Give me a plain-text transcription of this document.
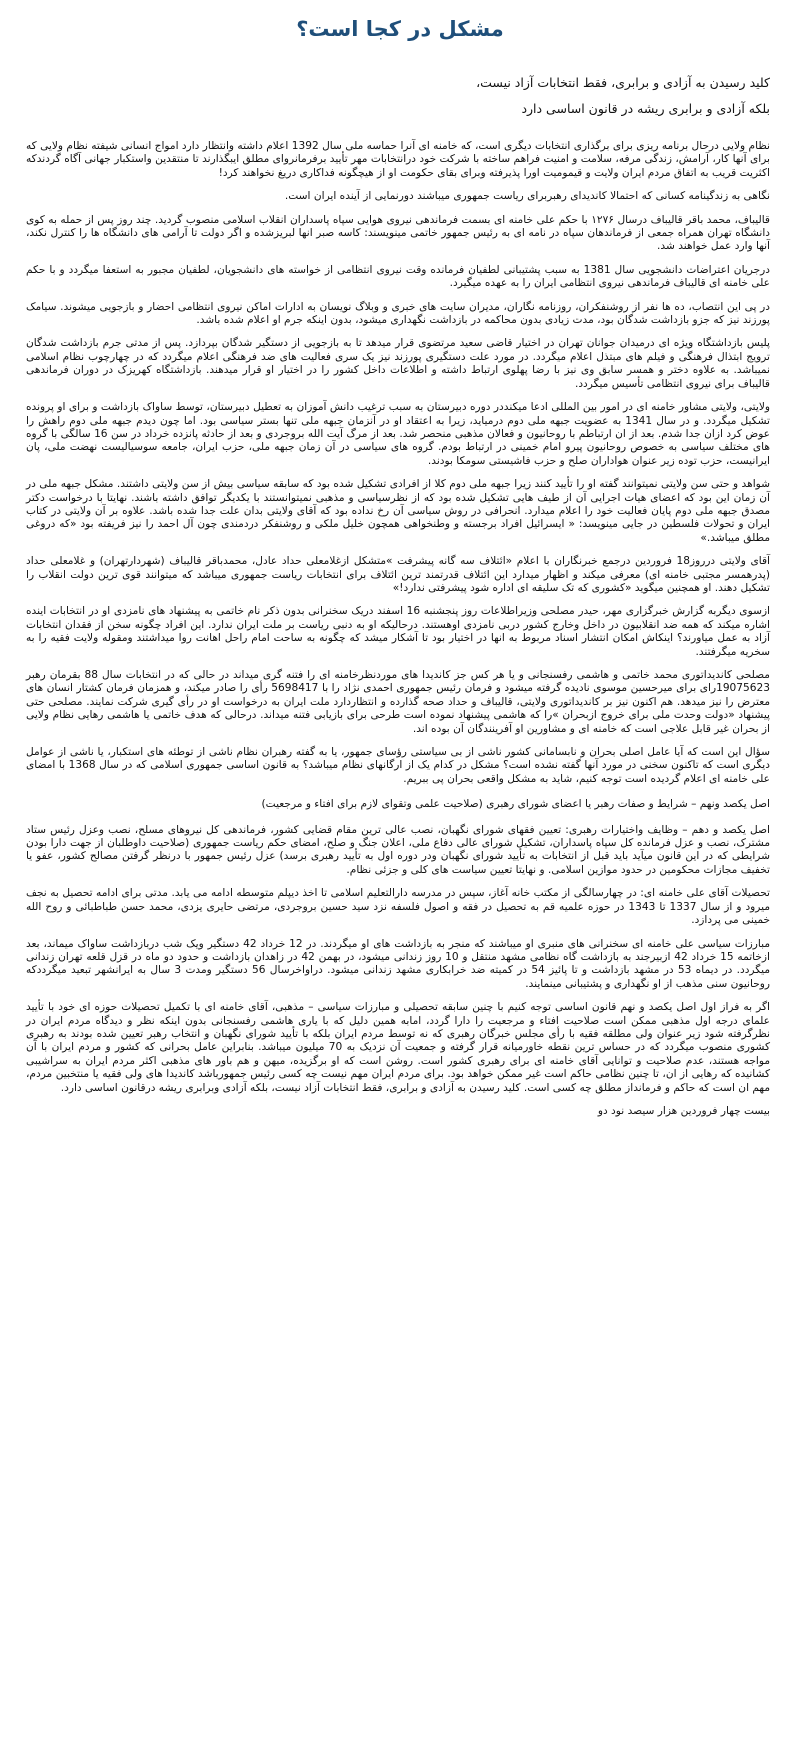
مشکل در کجا است؟

کلید رسیدن به آزادی و برابری، فقط انتخابات آزاد نیست،

بلکه آزادی و برابری ریشه در قانون اساسی دارد

نظام ولایی درحال برنامه ریزی برای برگذاری انتخابات دیگری است، که خامنه ای آنرا حماسه ملی سال 1392 اعلام داشته وانتظار دارد امواج انسانی شیفته نظام ولایی که برای آنها کار، آرامش، زندگی مرفه، سلامت و امنیت فراهم ساخته با شرکت خود درانتخابات مهر تأیید برفرمانروای مطلق ایبگذارند تا منتقدین واستکبار جهانی آگاه گردندکه اکثریت قریب به اتفاق مردم ایران ولایت و قیمومیت اورا پذیرفته وبرای بقای حکومت او از هیچگونه فداکاری دریغ نخواهند کرد!

نگاهی به زندگینامه کسانی که احتمالا کاندیدای رهبربرای ریاست جمهوری میباشند دورنمایی از آینده ایران است.

قالیباف، محمد باقر قالیباف درسال ۱۲۷۶ با حکم علی خامنه ای بسمت فرماندهی نیروی هوایی سپاه پاسداران انقلاب اسلامی منصوب گردید. چند روز پس از حمله به کوی دانشگاه تهران همراه جمعی از فرماندهان سپاه در نامه ای به رئیس جمهور خاتمی مینویسند: کاسه صبر انها لبریزشده و اگر دولت تا آرامی های دانشگاه ها را کنترل نکند، آنها وارد عمل خواهند شد.

درجریان اعتراضات دانشجویی سال 1381 به سبب پشتیبانی لطفیان فرمانده وقت نیروی انتظامی از خواسته های دانشجویان، لطفیان مجبور به استعفا میگردد و با حکم علی خامنه ای قالیباف فرماندهی نیروی انتظامی ایران را به عهده میگیرد.

در پی این انتصاب، ده ها نفر از روشنفکران، روزنامه نگاران، مدیران سایت های خبری و وبلاگ نویسان به ادارات اماکن نیروی انتظامی احضار و بازجویی میشوند. سیامک پورزند نیز که جزو بازداشت شدگان بود، مدت زیادی بدون محاکمه در بازداشت نگهداری میشود، بدون اینکه جرم او اعلام شده باشد.

پلیس بازداشتگاه ویژه ای درمیدان جوانان تهران در اختیار قاضی سعید مرتضوی قرار میدهد تا به بازجویی از دستگیر شدگان بپردازد. پس از مدتی جرم بازداشت شدگان ترویج ابتذال فرهنگی و فیلم های مبتذل اعلام میگردد. در مورد علت دستگیری پورزند نیز یک سری فعالیت های ضد فرهنگی اعلام میگردد که در چهارچوب نظام اسلامی نمیباشد. به علاوه دختر و همسر سابق وی نیز با رضا پهلوی ارتباط داشته و اطلاعات داخل کشور را در اختیار او قرار میدهند. بازداشتگاه کهریزک در دوران فرماندهی قالیباف برای نیروی انتظامی تأسیس میگردد.

ولایتی، ولایتی مشاور خامنه ای در امور بین المللی ادعا میکنددر دوره دبیرستان به سبب ترغیب دانش آموزان به تعطیل دبیرستان، توسط ساواک بازداشت و برای او پرونده تشکیل میگردد. و در سال 1341 به عضویت جبهه ملی دوم درمیاید، زیرا به اعتقاد او در آنزمان جبهه ملی تنها بستر سیاسی بود. اما چون دیدم جبهه ملی دوم راهش را عوض کرد ازان جدا شدم. بعد از ان ارتباطم با روحانیون و فعالان مذهبی منحصر شد. بعد از مرگ آیت الله بروجردی و بعد از حادثه پانزده خرداد در سن 16 سالگی با گروه های مختلف سیاسی به خصوص روحانیون پیرو امام خمینی در ارتباط بودم. گروه های سیاسی در آن زمان جبهه ملی، حزب ایران، جامعه سوسیالیست نهضت ملی، پان ایرانیست، حزب توده زیر عنوان هواداران صلح و حزب فاشیستی سومکا بودند.

شواهد و حتی سن ولایتی نمیتوانند گفته او را تأیید کنند زیرا جبهه ملی دوم کلا از افرادی تشکیل شده بود که سابقه سیاسی بیش از سن ولایتی داشتند. مشکل جبهه ملی در آن زمان این بود که اعضای هیات اجرایی آن از طیف هایی تشکیل شده بود که از نظرسیاسی و مذهبی نمیتوانستند با یکدیگر توافق داشته باشند. نهایتا با درخواست دکتر مصدق جبهه ملی دوم پایان فعالیت خود را اعلام میدارد. انحرافی در روش سیاسی آن رخ نداده بود که آقای ولایتی بدان علت جدا شده باشد. علاوه بر آن ولایتی در کتاب ایران و تحولات فلسطین در جایی مینویسد: « ایسرائیل افراد برجسته و وطنخواهی همچون خلیل ملکی و روشنفکر دردمندی چون آل احمد را نیز فریفته بود «که دروغی مطلق میباشد.»

آقای ولایتی درروز18 فروردین درجمع خبرنگاران با اعلام «ائتلاف سه گانه پیشرفت »متشکل ازغلامعلی حداد عادل، محمدباقر قالیباف (شهردارتهران) و غلامعلی حداد (پدرهمسر مجتبی خامنه ای) معرفی میکند و اظهار میدارد این ائتلاف قدرتمند ترین ائتلاف برای انتخابات ریاست جمهوری میباشد که میتوانند قوی ترین دولت انقلاب را تشکیل دهند. او همچنین میگوید «کشوری که تک سلیقه ای اداره شود پیشرفتی ندارد!»

ازسوی دیگربه گزارش خبرگزاری مهر، حیدر مصلحی وزیراطلاعات روز پنجشنبه 16 اسفند دریک سخنرانی بدون ذکر نام خاتمی به پیشنهاد های نامزدی او در انتخابات اینده اشاره میکند که همه ضد انقلابیون در داخل وخارج کشور دربی نامزدی اوهستند. درحالیکه او به دنبی ریاست بر ملت ایران ندارد. این افراد چگونه سخن از فقدان انتخابات آزاد به عمل میاورند؟ اینکاش امکان انتشار اسناد مربوط به انها در اختیار بود تا آشکار میشد که چگونه به ساحت امام راحل اهانت روا میداشتند ومقوله ولایت فقیه را به سخریه میگرفتند.

مصلحی کاندیداتوری محمد خاتمی و هاشمی رفسنجانی و یا هر کس جز کاندیدا های موردنظرخامنه ای را فتنه گری میداند در حالی که در انتخابات سال 88 بقرمان رهبر 19075623رای برای میرحسین موسوی نادیده گرفته میشود و فرمان رئیس جمهوری احمدی نژاد را با 5698417 رأی را صادر میکند، و همزمان فرمان کشتار انسان های معترض را نیز میدهد. هم اکنون نیز بر کاندیداتوری ولایتی، قالیباف و حداد صحه گذارده و انتظاردارد ملت ایران به درخواست او در رأی گیری شرکت نمایند. مصلحی حتی پیشنهاد «دولت وحدت ملی برای خروج ازبحران »را که هاشمی پیشنهاد نموده است طرحی برای بازیابی فتنه میداند. درحالی که هدف خاتمی یا هاشمی رهایی نظام ولایی از بحران غیر قابل علاجی است که خامنه ای و مشاورین او آفرینندگان آن بوده اند.

سؤال این است که آیا عامل اصلی بحران و نابسامانی کشور ناشی از بی سیاستی رؤسای جمهور، یا به گفته رهبران نظام ناشی از توطئه های استکبار، یا ناشی از عوامل دیگری است که تاکنون سخنی در مورد آنها گفته نشده است؟ مشکل در کدام یک از ارگانهای نظام میباشد؟ به قانون اساسی جمهوری اسلامی که در سال 1368 با امضای علی خامنه ای اعلام گردیده است توجه کنیم، شاید به مشکل واقعی بحران پی ببریم.

اصل یکصد ونهم – شرایط و صفات رهبر یا اعضای شورای رهبری (صلاحیت علمی وتقوای لازم برای افتاء و مرجعیت)

اصل یکصد و دهم – وظایف واختیارات رهبری: تعیین فقهای شورای نگهبان، نصب عالی ترین مقام قضایی کشور، فرماندهی کل نیروهای مسلح، نصب وعزل رئیس ستاد مشترک، نصب و عزل فرمانده کل سپاه پاسداران، تشکیل شورای عالی دفاع ملی، اعلان جنگ و صلح، امضای حکم ریاست جمهوری (صلاحیت داوطلبان از جهت دارا بودن شرایطی که در این قانون میآید باید قبل از انتخابات به تأیید شورای نگهبان ودر دوره اول به تأیید رهبری برسد) عزل رئیس جمهور با درنظر گرفتن مصالح کشور، عفو یا تخفیف مجازات محکومین در حدود موازین اسلامی. و نهایتا تعیین سیاست های کلی و جزئی نظام.

تحصیلات آقای علی خامنه ای: در چهارسالگی از مکتب خانه آغاز، سپس در مدرسه دارالتعلیم اسلامی تا اخذ دیپلم متوسطه ادامه می یابد. مدتی برای ادامه تحصیل به نجف میرود و از سال 1337 تا 1343 در حوزه علمیه قم به تحصیل در فقه و اصول فلسفه نزد سید حسین بروجردی، مرتضی حایری یزدی، محمد حسن طباطبائی و روح الله خمینی می پردازد.

مبارزات سیاسی علی خامنه ای سخنرانی های منبری او میباشند که منجر به بازداشت های او میگردند. در 12 خرداد 42 دستگیر ویک شب دربازداشت ساواک میماند، بعد ازخاتمه 15 خرداد 42 ازبیرجند به بازداشت گاه نظامی مشهد منتقل و 10 روز زندانی میشود، در بهمن 42 در زاهدان بازداشت و حدود دو ماه در قزل قلعه تهران زندانی میگردد. در دیماه 53 در مشهد بازداشت و تا پائیز 54 در کمیته ضد خرابکاری مشهد زندانی میشود. دراواخرسال 56 دستگیر ومدت 3 سال به ایرانشهر تبعید میگرددکه روحانیون سنی مذهب از او نگهداری و پشتیبانی مینمایند.

اگر به فراز اول اصل یکصد و نهم قانون اساسی توجه کنیم با چنین سابقه تحصیلی و مبارزات سیاسی – مذهبی، آقای خامنه ای با تکمیل تحصیلات حوزه ای خود با تأیید علمای درجه اول مذهبی ممکن است صلاحیت افتاء و مرجعیت را دارا گردد، امابه همین دلیل که با یاری هاشمی رفسنجانی بدون اینکه نظر و دیدگاه مردم ایران در نظرگرفته شود زیر عنوان ولی مطلقه فقیه با رأی مجلس خبرگان رهبری که نه توسط مردم ایران بلکه با تأیید شورای نگهبان و انتخاب رهبر تعیین شده بودند به رهبری کشوری منصوب میگردد که در حساس ترین نقطه خاورمیانه قرار گرفته و جمعیت آن نزدیک به 70 میلیون میباشد. بنابراین عامل بحرانی که کشور و مردم ایران با آن مواجه هستند، عدم صلاحیت و توانایی آقای خامنه ای برای رهبری کشور است. روشن است که او برگزیده، میهن و هم باور های مذهبی اکثر مردم ایران به سراشیبی کشانیده که رهایی از ان، تا چنین نظامی حاکم است غیر ممکن خواهد بود. برای مردم ایران مهم نیست چه کسی رئیس جمهورباشد کاندیدا های ولی فقیه یا منتخبین مردم، مهم ان است که حاکم و فرمانداز مطلق چه کسی است. کلید رسیدن به آزادی و برابری، فقط انتخابات آزاد نیست، بلکه آزادی وبرابری ریشه درقانون اساسی دارد.

بیست چهار فروردین هزار سیصد نود دو
